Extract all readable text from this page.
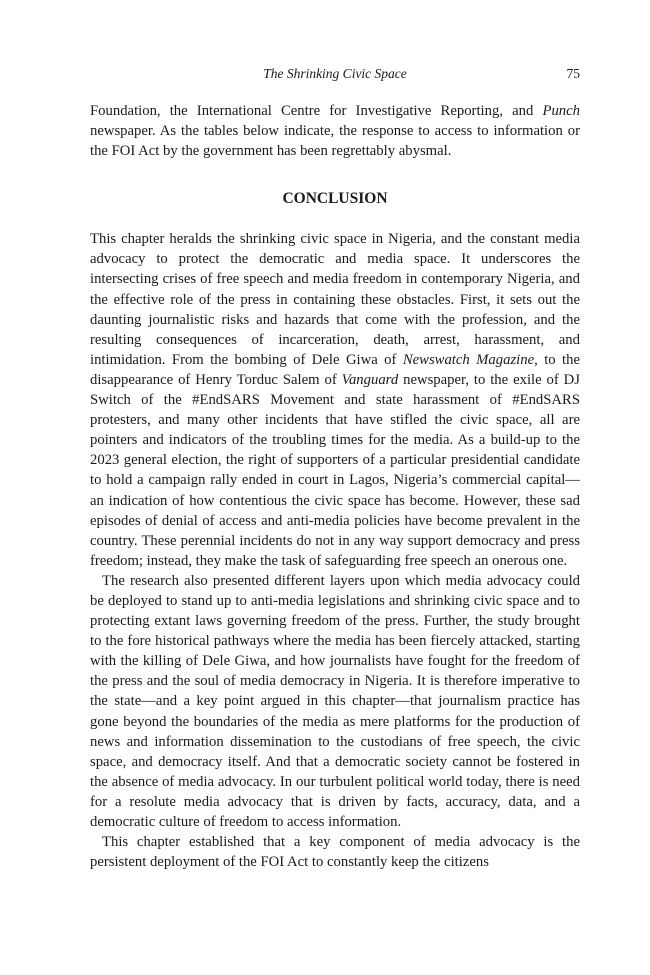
The Shrinking Civic Space	75

Foundation, the International Centre for Investigative Reporting, and Punch newspaper. As the tables below indicate, the response to access to information or the FOI Act by the government has been regrettably abysmal.

CONCLUSION

This chapter heralds the shrinking civic space in Nigeria, and the constant media advocacy to protect the democratic and media space. It underscores the intersecting crises of free speech and media freedom in contemporary Nigeria, and the effective role of the press in containing these obstacles. First, it sets out the daunting journalistic risks and hazards that come with the profession, and the resulting consequences of incarceration, death, arrest, harassment, and intimidation. From the bombing of Dele Giwa of Newswatch Magazine, to the disappearance of Henry Torduc Salem of Vanguard newspaper, to the exile of DJ Switch of the #EndSARS Movement and state harassment of #EndSARS protesters, and many other incidents that have stifled the civic space, all are pointers and indicators of the troubling times for the media. As a build-up to the 2023 general election, the right of supporters of a particular presidential candidate to hold a campaign rally ended in court in Lagos, Nigeria’s commercial capital—an indication of how contentious the civic space has become. However, these sad episodes of denial of access and anti-media policies have become prevalent in the country. These perennial incidents do not in any way support democracy and press freedom; instead, they make the task of safeguarding free speech an onerous one.

The research also presented different layers upon which media advocacy could be deployed to stand up to anti-media legislations and shrinking civic space and to protecting extant laws governing freedom of the press. Further, the study brought to the fore historical pathways where the media has been fiercely attacked, starting with the killing of Dele Giwa, and how journalists have fought for the freedom of the press and the soul of media democracy in Nigeria. It is therefore imperative to the state—and a key point argued in this chapter—that journalism practice has gone beyond the boundaries of the media as mere platforms for the production of news and information dissemination to the custodians of free speech, the civic space, and democracy itself. And that a democratic society cannot be fostered in the absence of media advocacy. In our turbulent political world today, there is need for a resolute media advocacy that is driven by facts, accuracy, data, and a democratic culture of freedom to access information.

This chapter established that a key component of media advocacy is the persistent deployment of the FOI Act to constantly keep the citizens
